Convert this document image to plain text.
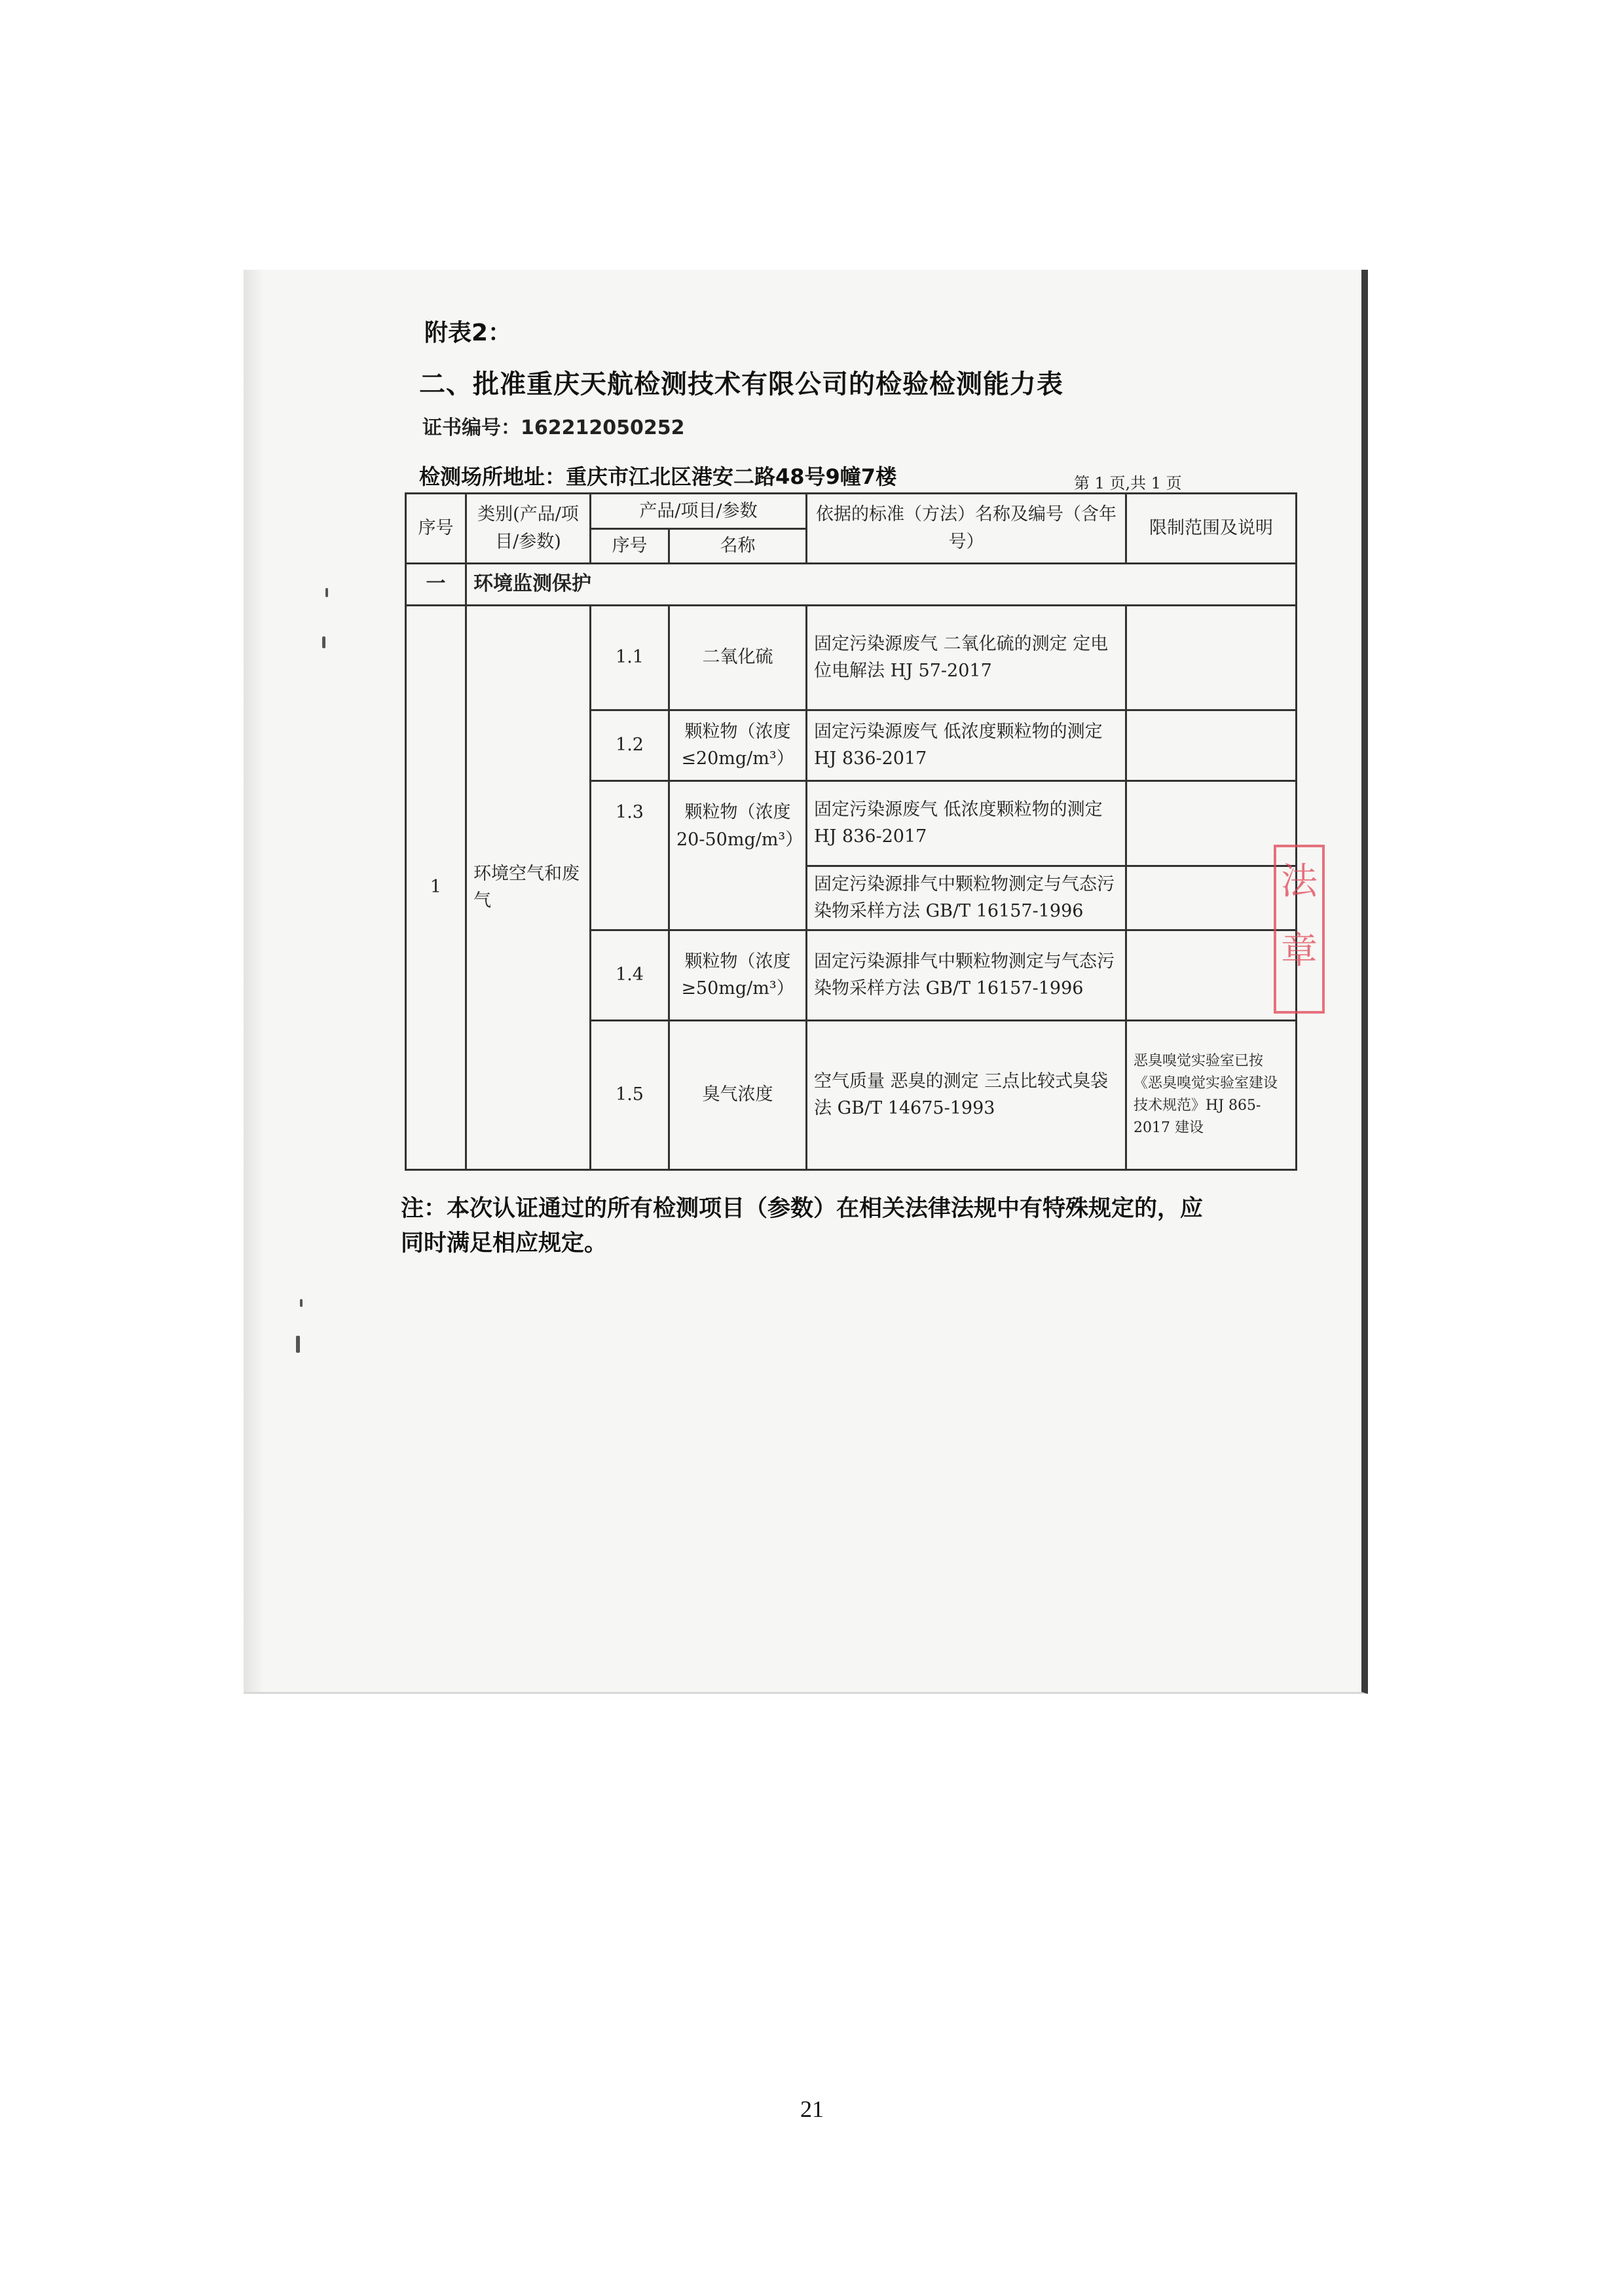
附表2：
二、批准重庆天航检测技术有限公司的检验检测能力表
证书编号：162212050252
检测场所地址：重庆市江北区港安二路48号9幢7楼	第 1 页,共 1 页
序号	类别(产品/项目/参数)	产品/项目/参数		依据的标准（方法）名称及编号（含年号）	限制范围及说明
		序号	名称		
一	环境监测保护				
1	环境空气和废气	1.1	二氧化硫	固定污染源废气 二氧化硫的测定 定电位电解法 HJ 57-2017	
		1.2	颗粒物（浓度≤20mg/m³）	固定污染源废气 低浓度颗粒物的测定 HJ 836-2017	
		1.3	颗粒物（浓度20-50mg/m³）	固定污染源废气 低浓度颗粒物的测定 HJ 836-2017	
				固定污染源排气中颗粒物测定与气态污染物采样方法 GB/T 16157-1996	
		1.4	颗粒物（浓度≥50mg/m³）	固定污染源排气中颗粒物测定与气态污染物采样方法 GB/T 16157-1996	
		1.5	臭气浓度	空气质量 恶臭的测定 三点比较式臭袋法 GB/T 14675-1993	恶臭嗅觉实验室已按《恶臭嗅觉实验室建设技术规范》HJ 865-2017 建设
法
章
注：本次认证通过的所有检测项目（参数）在相关法律法规中有特殊规定的，应同时满足相应规定。
21
